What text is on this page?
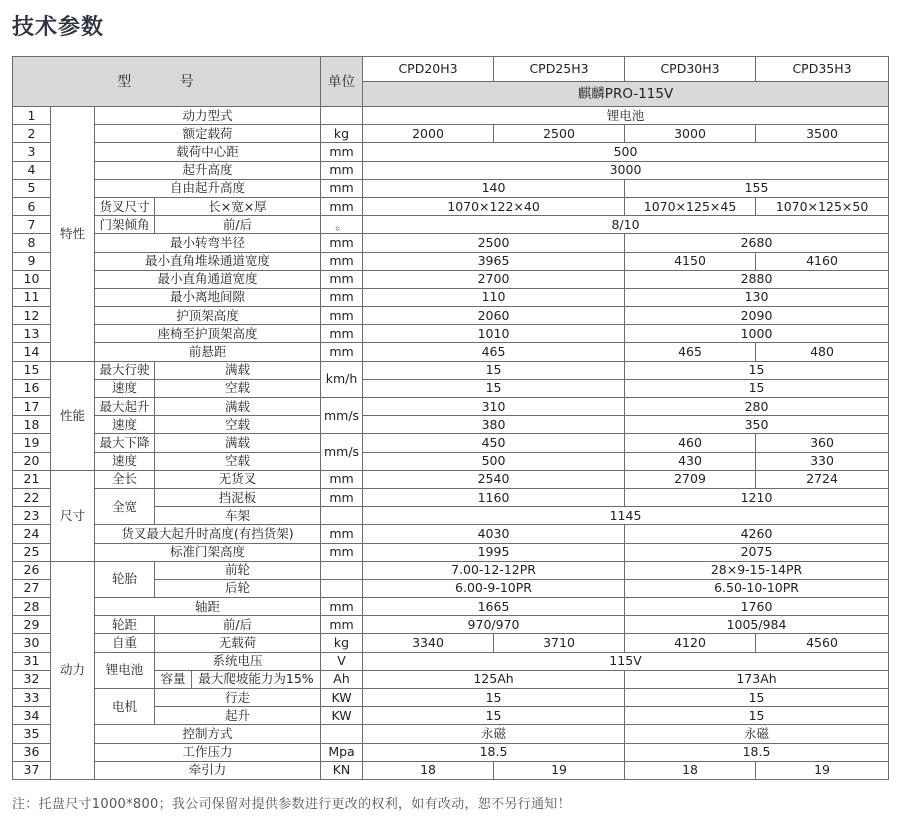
技术参数
型 号				单位	CPD20H3	CPD25H3	CPD30H3	CPD35H3
					麒麟PRO-115V			
1	特性	动力型式			锂电池			
2		额定载荷		kg	2000	2500	3000	3500
3		载荷中心距		mm	500			
4		起升高度		mm	3000			
5		自由起升高度		mm	140		155	
6		货叉尺寸	长×宽×厚	mm	1070×122×40		1070×125×45	1070×125×50
7		门架倾角	前/后	。	8/10			
8		最小转弯半径		mm	2500		2680	
9		最小直角堆垛通道宽度		mm	3965		4150	4160
10		最小直角通道宽度		mm	2700		2880	
11		最小离地间隙		mm	110		130	
12		护顶架高度		mm	2060		2090	
13		座椅至护顶架高度		mm	1010		1000	
14		前悬距		mm	465		465	480
15	性能	最大行驶	满载	km/h	15		15	
16		速度	空载		15		15	
17		最大起升	满载	mm/s	310		280	
18		速度	空载		380		350	
19		最大下降	满载	mm/s	450		460	360
20		速度	空载		500		430	330
21	尺寸	全长	无货叉	mm	2540		2709	2724
22		全宽	挡泥板	mm	1160		1210	
23			车架		1145			
24		货叉最大起升时高度(有挡货架)		mm	4030		4260	
25		标准门架高度		mm	1995		2075	
26	动力	轮胎	前轮		7.00-12-12PR		28×9-15-14PR	
27			后轮		6.00-9-10PR		6.50-10-10PR	
28		轴距		mm	1665		1760	
29		轮距	前/后	mm	970/970		1005/984	
30		自重	无载荷	kg	3340	3710	4120	4560
31		锂电池	系统电压	V	115V			
32			容量 最大爬坡能力为15%	Ah	125Ah		173Ah	
33		电机	行走	KW	15		15	
34			起升	KW	15		15	
35		控制方式			永磁		永磁	
36		工作压力		Mpa	18.5		18.5	
37		牵引力		KN	18	19	18	19
注：托盘尺寸1000*800；我公司保留对提供参数进行更改的权利，如有改动，恕不另行通知！
